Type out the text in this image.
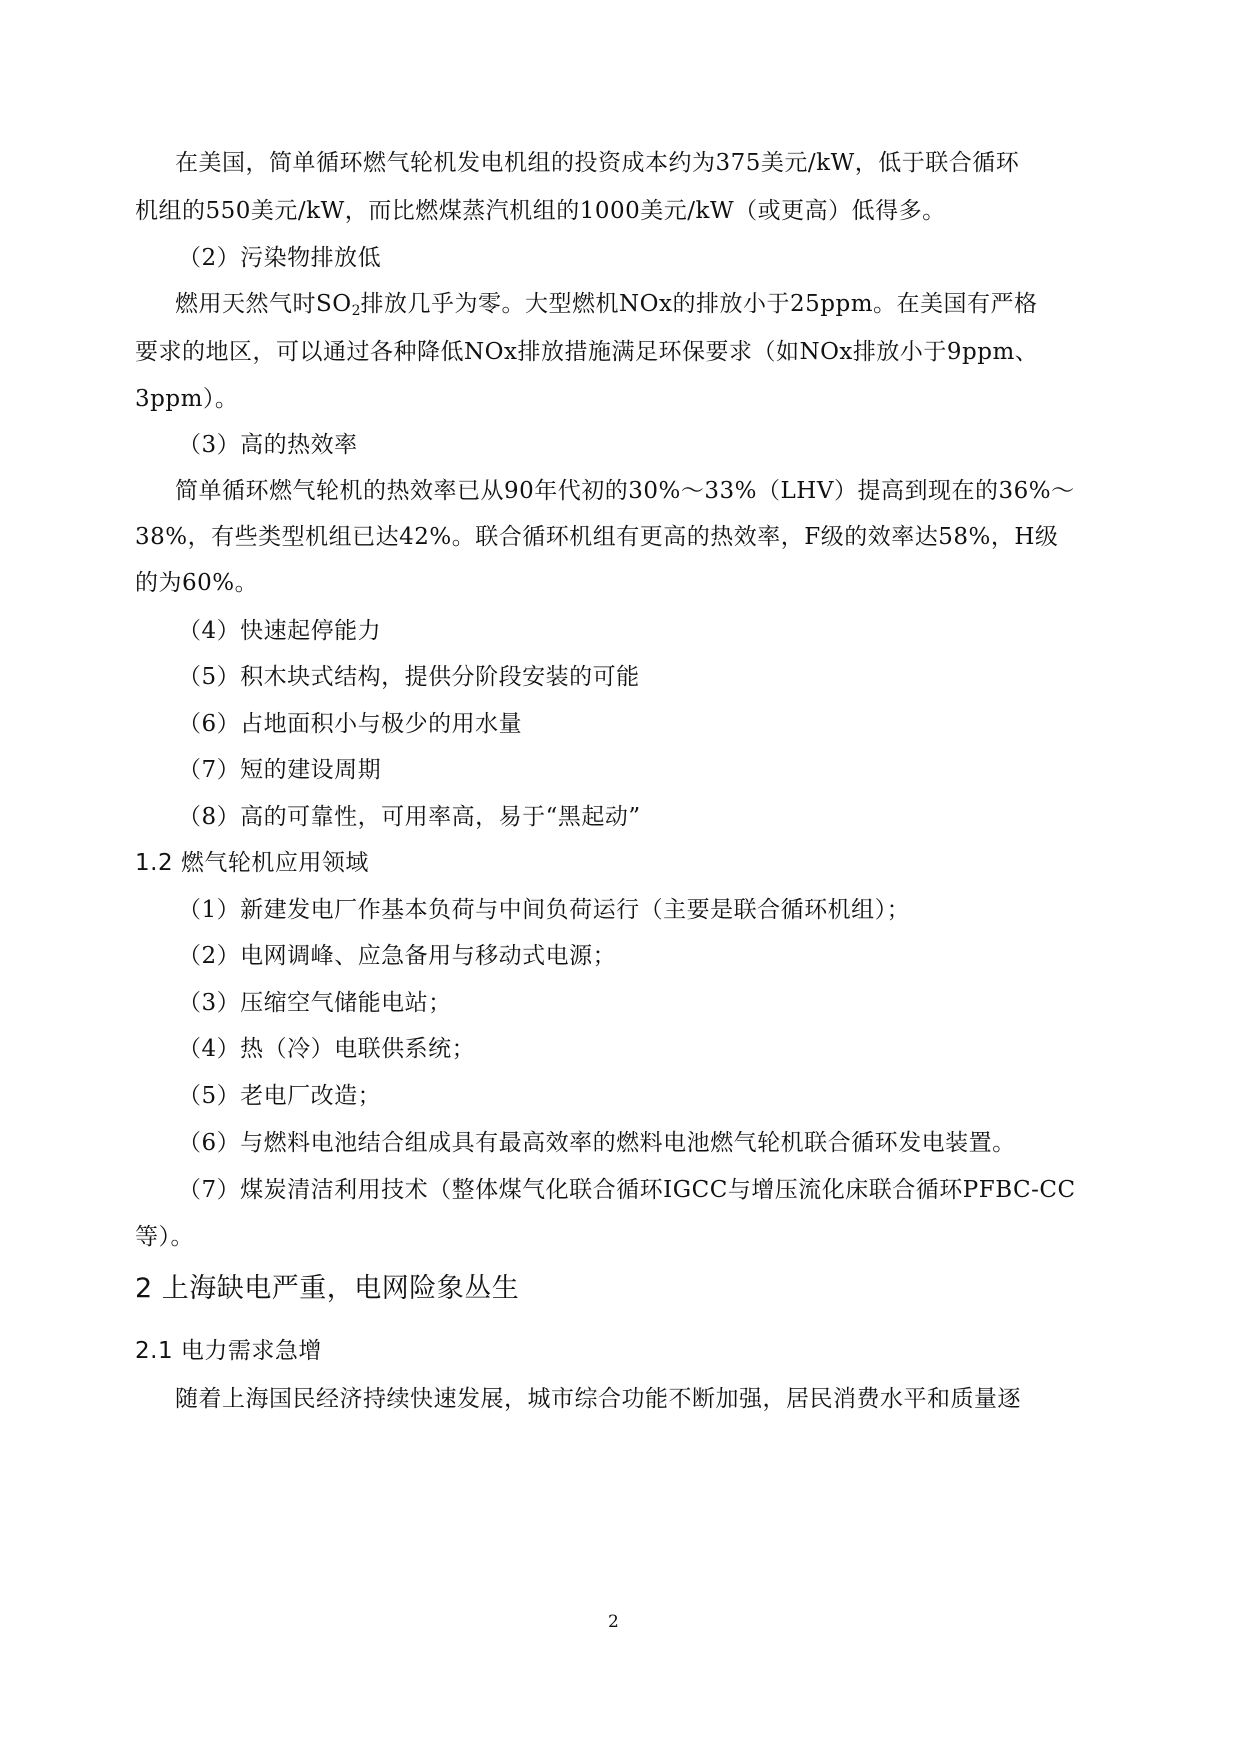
在美国，简单循环燃气轮机发电机组的投资成本约为375美元/kW，低于联合循环
机组的550美元/kW，而比燃煤蒸汽机组的1000美元/kW（或更高）低得多。
（2）污染物排放低
燃用天然气时$SO_2$排放几乎为零。大型燃机NOx的排放小于25ppm。在美国有严格
要求的地区，可以通过各种降低NOx排放措施满足环保要求（如NOx排放小于9ppm、
3ppm）。
（3）高的热效率
简单循环燃气轮机的热效率已从90年代初的30%～33%（LHV）提高到现在的36%～
38%，有些类型机组已达42%。联合循环机组有更高的热效率，F级的效率达58%，H级
的为60%。
（4）快速起停能力
（5）积木块式结构，提供分阶段安装的可能
（6）占地面积小与极少的用水量
（7）短的建设周期
（8）高的可靠性，可用率高，易于“黑起动”
1.2 燃气轮机应用领域
（1）新建发电厂作基本负荷与中间负荷运行（主要是联合循环机组）；
（2）电网调峰、应急备用与移动式电源；
（3）压缩空气储能电站；
（4）热（冷）电联供系统；
（5）老电厂改造；
（6）与燃料电池结合组成具有最高效率的燃料电池燃气轮机联合循环发电装置。
（7）煤炭清洁利用技术（整体煤气化联合循环IGCC与增压流化床联合循环PFBC-CC
等）。
2 上海缺电严重，电网险象丛生
2.1 电力需求急增
随着上海国民经济持续快速发展，城市综合功能不断加强，居民消费水平和质量逐
2
